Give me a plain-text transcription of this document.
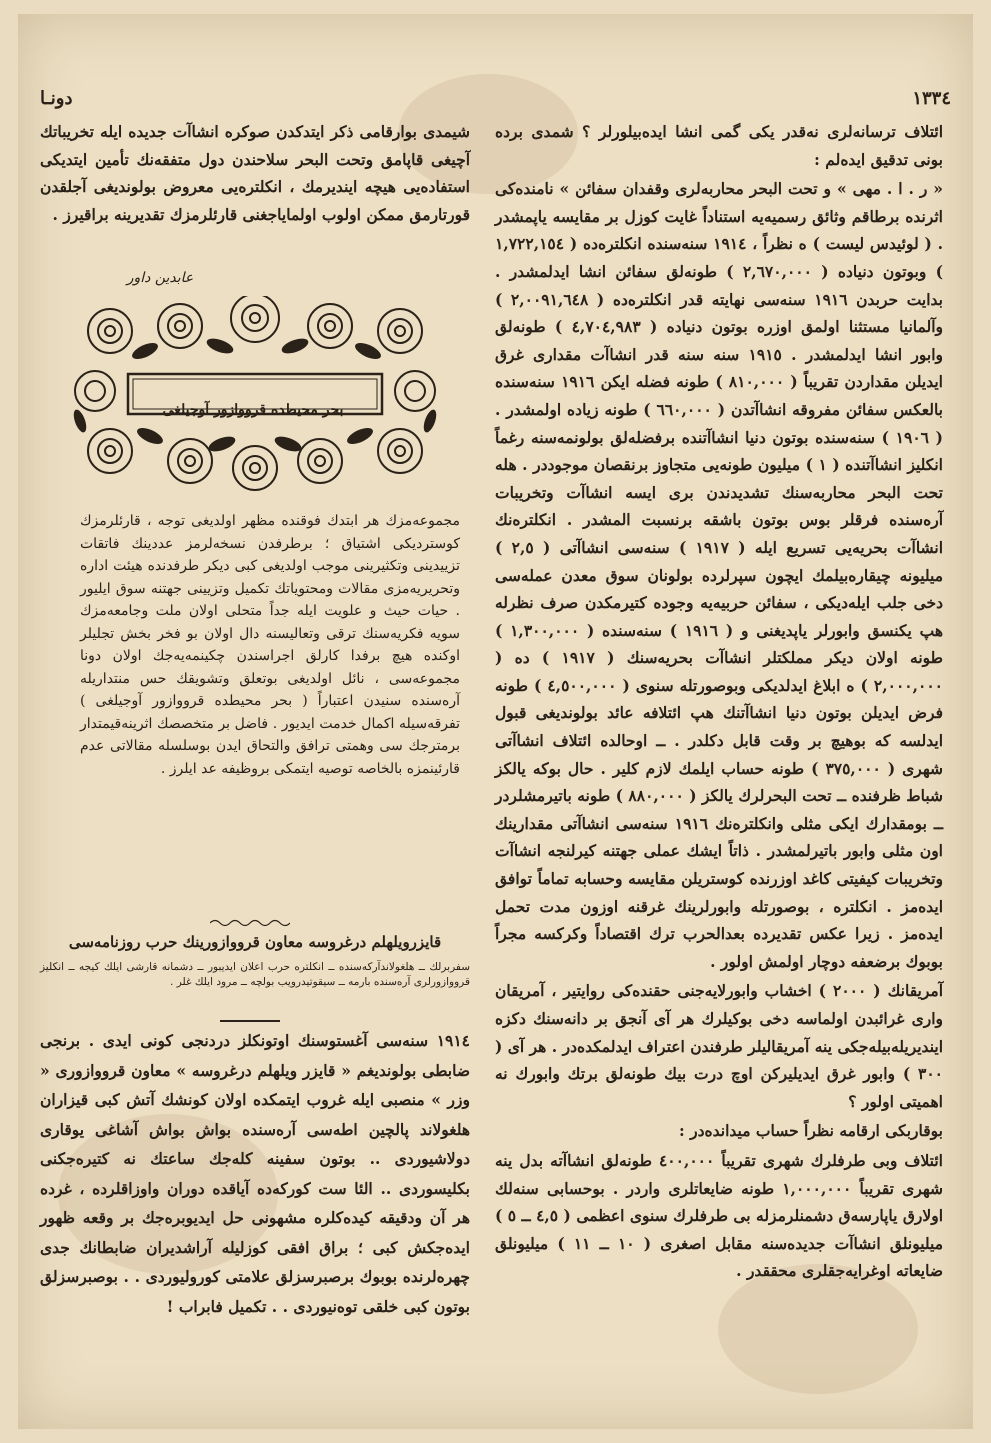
١٣٣٤
دونـا

ائتلاف ترسانه‌لری نه‌قدر یکی گمی انشا ایده‌بیلورلر ؟ شمدی برده بونی تدقیق ایده‌لم :

« ر . ا . مهی » و تحت البحر محاربه‌لری وقفدان سفائن » نامنده‌کی اثرنده برطاقم وثائق رسمیه‌یه استناداً غایت کوزل بر مقایسه یاپمشدر . ( لوئیدس لیست ) ه نظراً ، ١٩١٤ سنه‌سنده انکلتره‌ده ( ١,٧٢٢,١٥٤ ) وبوتون دنیاده ( ٢,٦٧٠,٠٠٠ ) طونه‌لق سفائن انشا ایدلمشدر . بدایت حربدن ١٩١٦ سنه‌سی نهایته قدر انکلتره‌ده ( ٢,٠٠٩١,٦٤٨ ) وآلمانیا مستثنا اولمق اوزره بوتون دنیاده ( ٤,٧٠٤,٩٨٣ ) طونه‌لق وابور انشا ایدلمشدر . ١٩١٥ سنه سنه قدر انشاآت مقداری غرق ایدیلن مقداردن تقریباً ( ٨١٠,٠٠٠ ) طونه فضله ایکن ١٩١٦ سنه‌سنده بالعکس سفائن مفروقه انشاآتدن ( ٦٦٠,٠٠٠ ) طونه زیاده اولمشدر . ( ١٩٠٦ ) سنه‌سنده بوتون دنیا انشاآتنده برفضله‌لق بولونمه‌سنه رغماً انکلیز انشاآتنده ( ١ ) میلیون طونه‌یی متجاوز برنقصان موجوددر . هله تحت البحر محاربه‌سنك تشدیدندن بری ایسه انشاآت وتخریبات آره‌سنده فرقلر بوس بوتون باشقه برنسبت المشدر . انکلتره‌نك انشاآت بحریه‌یی تسریع ایله ( ١٩١٧ ) سنه‌سی انشاآتی ( ٢,٥ ) میلیونه چیقاره‌بیلمك ایچون سپرلرده بولونان سوق معدن عمله‌سی دخی جلب ایله‌دیکی ، سفائن حربیه‌یه وجوده کتیرمکدن صرف نظرله هپ یکنسق وابورلر یاپدیغنی و ( ١٩١٦ ) سنه‌سنده ( ١,٣٠٠,٠٠٠ ) طونه اولان دیکر مملکتلر انشاآت بحریه‌سنك ( ١٩١٧ ) ده ( ٢,٠٠٠,٠٠٠ ) ه ابلاغ ایدلدیکی وبوصورتله سنوی ( ٤,٥٠٠,٠٠٠ ) طونه فرض ایدیلن بوتون دنیا انشاآتنك هپ ائتلافه عائد بولوندیغی قبول ایدلسه که بوهیچ بر وقت قابل دکلدر . ــ اوحالده ائتلاف انشاآتی شهری ( ٣٧٥,٠٠٠ ) طونه حساب ایلمك لازم کلیر . حال بوکه یالکز شباط ظرفنده ــ تحت البحرلرك یالکز ( ٨٨٠,٠٠٠ ) طونه باتیرمشلردر ــ بومقدارك ایکی مثلی وانکلتره‌نك ١٩١٦ سنه‌سی انشاآتی مقدارینك اون مثلی وابور باتیرلمشدر . ذاتاً ایشك عملی جهتنه کیرلنجه انشاآت وتخریبات کیفیتی کاغد اوزرنده کوستریلن مقایسه وحسابه تماماً توافق ایده‌مز . انکلتره ، بوصورتله وابورلرینك غرقنه اوزون مدت تحمل ایده‌مز . زیرا عکس تقدیرده بعدالحرب ترك اقتصاداً وکرکسه مجراً بوبوك برضعفه دوچار اولمش اولور .

آمریقانك ( ٢٠٠٠ ) اخشاب وابورلایه‌جنی حقنده‌کی روایتیر ، آمریقان واری غرائبدن اولماسه دخی بوکیلرك هر آی آنجق بر دانه‌سنك دکزه ایندیریله‌بیله‌جکی ینه آمریقالیلر طرفندن اعتراف ایدلمکده‌در . هر آی ( ٣٠٠ ) وابور غرق ایدیلیرکن اوچ درت بیك طونه‌لق برتك وابورك نه اهمیتی اولور ؟

بوقاربکی ارقامه نظراً حساب میدانده‌در :

ائتلاف وبی طرفلرك شهری تقریباً ٤٠٠,٠٠٠ طونه‌لق انشاآته بدل ینه شهری تقریباً ١,٠٠٠,٠٠٠ طونه ضایعاتلری واردر . بوحسابی سنه‌لك اولارق یاپارسه‌ق دشمنلرمزله بی طرفلرك سنوی اعظمی ( ٤,٥ ــ ٥ ) میلیونلق انشاآت جدیده‌سنه مقابل اصغری ( ١٠ ــ ١١ ) میلیونلق ضایعاته اوغرایه‌جقلری محققدر .

شیمدی بوارقامی ذکر ایتدکدن صوکره انشاآت جدیده ایله تخریباتك آچیغی قاپامق وتحت البحر سلاحندن دول متفقه‌نك تأمین ایتدیکی استفاده‌یی هیچه ایندیرمك ، انکلتره‌یی معروض بولوندیغی آجلقدن قورتارمق ممکن اولوب اولمایاجغنی قارئلرمزك تقدیرینه براقیرز .

عابدین داور
بحر محیطده قرووازور آوجیلغی

مجموعه‌مزك هر ابتدك فوقنده مظهر اولدیغی توجه ، قارئلرمزك کوستردیکی اشتیاق ؛ برطرفدن نسخه‌لرمز عددینك فاتقات تزییدینی وتکثیرینی موجب اولدیغی کبی دیکر طرفدنده هیئت اداره وتحریریه‌مزی مقالات ومحتویاتك تکمیل وتزیینی جهتنه سوق ایلیور . حیات حیث و علویت ایله جداً متحلی اولان ملت وجامعه‌مزك سویه فکریه‌سنك ترقی وتعالیسنه دال اولان بو فخر بخش تجلیلر اوکنده هیچ برفدا کارلق اجراسندن چکینمه‌یه‌جك اولان دونا مجموعه‌سی ، نائل اولدیغی بوتعلق وتشویقك حس منتداریله آره‌سنده سنیدن اعتباراً ( بحر محیطده قرووازور آوجیلغی ) تفرقه‌سیله اکمال خدمت ایدیور . فاضل بر متخصصك اثرینه‌قیمتدار برمترجك سی وهمتی ترافق والتحاق ایدن بوسلسله مقالاتی عدم قارئینمزه بالخاصه توصیه ایتمکی بروظیفه عد ایلرز .

قایزرویلهلم درغروسه معاون قرووازورینك حرب روزنامه‌سی
سفربرلك ــ هلغولاندآرکه‌سنده ــ انکلتره حرب اعلان ایدیبور ــ دشمانه قارشی ایلك کیجه ــ انکلیز قرووازورلری آره‌سنده بارمه ــ سیقوتیدرویب بولچه ــ مرود ایلك غلر .

١٩١٤ سنه‌سی آغستوسنك اوتونکلز دردنجی کونی ایدی . برنجی ضابطی بولوندیغم « قایزر ویلهلم درغروسه » معاون قرووازوری « وزر » منصبی ایله غروب ایتمکده اولان کونشك آتش کبی قیزاران هلغولاند پالچین اطه‌سی آره‌سنده بواش بواش آشاغی یوقاری دولاشیوردی .. بوتون سفینه کله‌جك ساعتك نه کتیره‌جکنی بکلیسوردی .. الئا ست کورکه‌ده آیاقده دوران واوزاقلرده ، غرده هر آن ودقیقه کیده‌کلره مشهونی حل ایدیوبره‌جك بر وقعه ظهور ایده‌جکش کبی ؛ براق افقی کوزلیله آراشدیران ضابطانك جدی چهره‌لرنده بوبوك برصبرسزلق علامتی کورولیوردی . . بوصبرسزلق بوتون کبی خلقی توه‌نیوردی . . تکمیل فابراب !
